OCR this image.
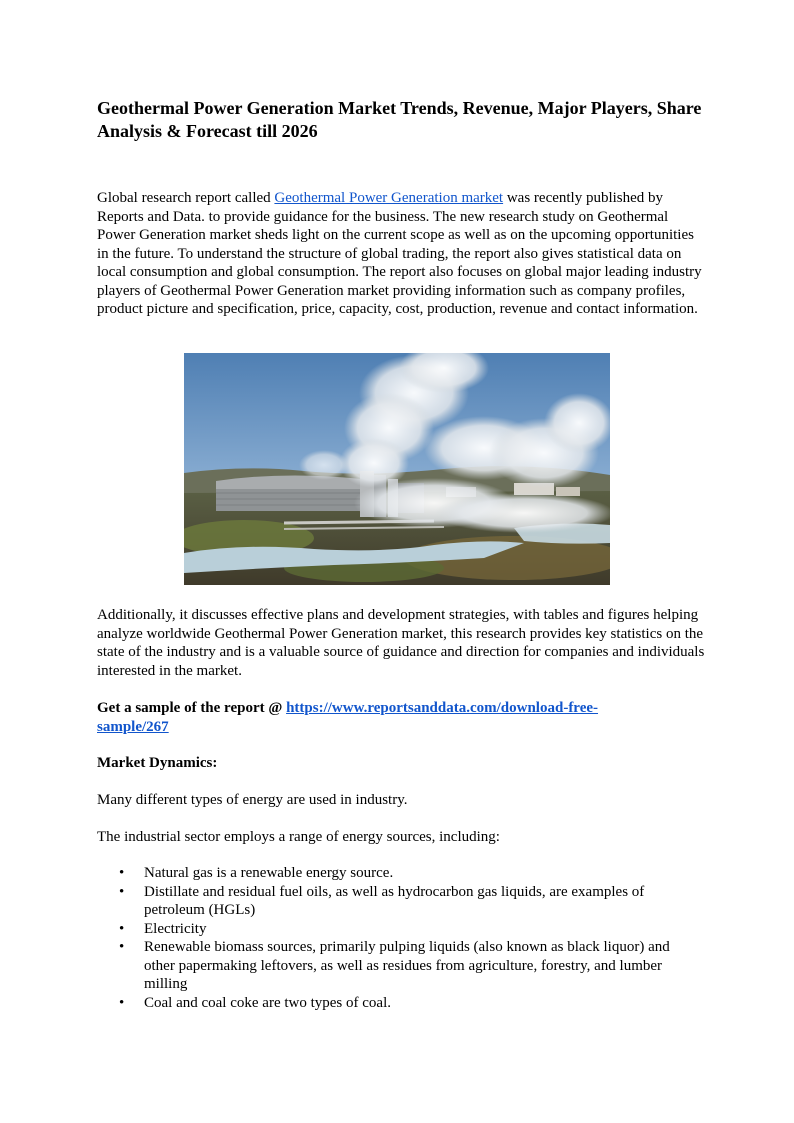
Geothermal Power Generation Market Trends, Revenue, Major Players, Share Analysis & Forecast till 2026

Global research report called Geothermal Power Generation market was recently published by Reports and Data. to provide guidance for the business. The new research study on Geothermal Power Generation market sheds light on the current scope as well as on the upcoming opportunities in the future. To understand the structure of global trading, the report also gives statistical data on local consumption and global consumption. The report also focuses on global major leading industry players of Geothermal Power Generation market providing information such as company profiles, product picture and specification, price, capacity, cost, production, revenue and contact information.

Additionally, it discusses effective plans and development strategies, with tables and figures helping analyze worldwide Geothermal Power Generation market, this research provides key statistics on the state of the industry and is a valuable source of guidance and direction for companies and individuals interested in the market.

Get a sample of the report @ https://www.reportsanddata.com/download-free-
sample/267

Market Dynamics:

Many different types of energy are used in industry.

The industrial sector employs a range of energy sources, including:

• Natural gas is a renewable energy source.
• Distillate and residual fuel oils, as well as hydrocarbon gas liquids, are examples of petroleum (HGLs)
• Electricity
• Renewable biomass sources, primarily pulping liquids (also known as black liquor) and other papermaking leftovers, as well as residues from agriculture, forestry, and lumber milling
• Coal and coal coke are two types of coal.
